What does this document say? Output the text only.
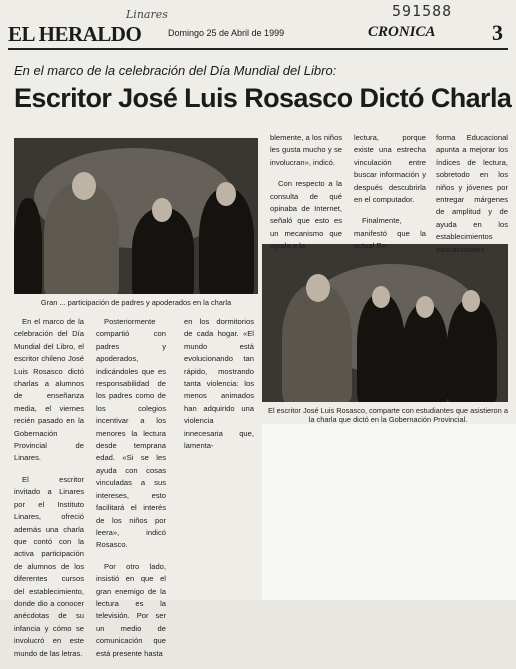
EL HERALDO
Linares	591588
Domingo 25 de Abril de 1999	CRONICA	3
En el marco de la celebración del Día Mundial del Libro:
Escritor José Luis Rosasco Dictó Charla
Gran ... participación de padres y apoderados en la charla
El escritor José Luis Rosasco, comparte con estudiantes que asistieron a la charla que dictó en la Gobernación Provincial.

En el marco de la celebración del Día Mundial del Libro, el escritor chileno José Luis Rosasco dictó charlas a alumnos de enseñanza media, el viernes recién pasado en la Gobernación Provincial de Linares.

El escritor invitado a Linares por el Instituto Linares, ofreció además una charla que contó con la activa participación de alumnos de los diferentes cursos del establecimiento, donde dio a conocer anécdotas de su infancia y cómo se involucró en este mundo de las letras.

Posteriormente compartió con padres y apoderados, indicándoles que es responsabilidad de los padres como de los colegios incentivar a los menores la lectura desde temprana edad. «Si se les ayuda con cosas vinculadas a sus intereses, esto facilitará el interés de los niños por leera», indicó Rosasco.

Por otro lado, insistió en que el gran enemigo de la lectura es la televisión. Por ser un medio de comunicación que está presente hasta

en los dormitorios de cada hogar. «El mundo está evolucionando tan rápido, mostrando tanta violencia: los menos animados han adquirido una violencia innecesaria que, lamenta-

blemente, a los niños les gusta mucho y se involucran», indicó.

Con respecto a la consulta de qué opinaba de Internet, señaló que esto es un mecanismo que ayuda a la

lectura, porque existe una estrecha vinculación entre buscar información y después descubrirla en el computador.

Finalmente, manifestó que la actual Re-

forma Educacional apunta a mejorar los índices de lectura, sobretodo en los niños y jóvenes por entregar márgenes de amplitud y de ayuda en los establecimientos educacionales.
